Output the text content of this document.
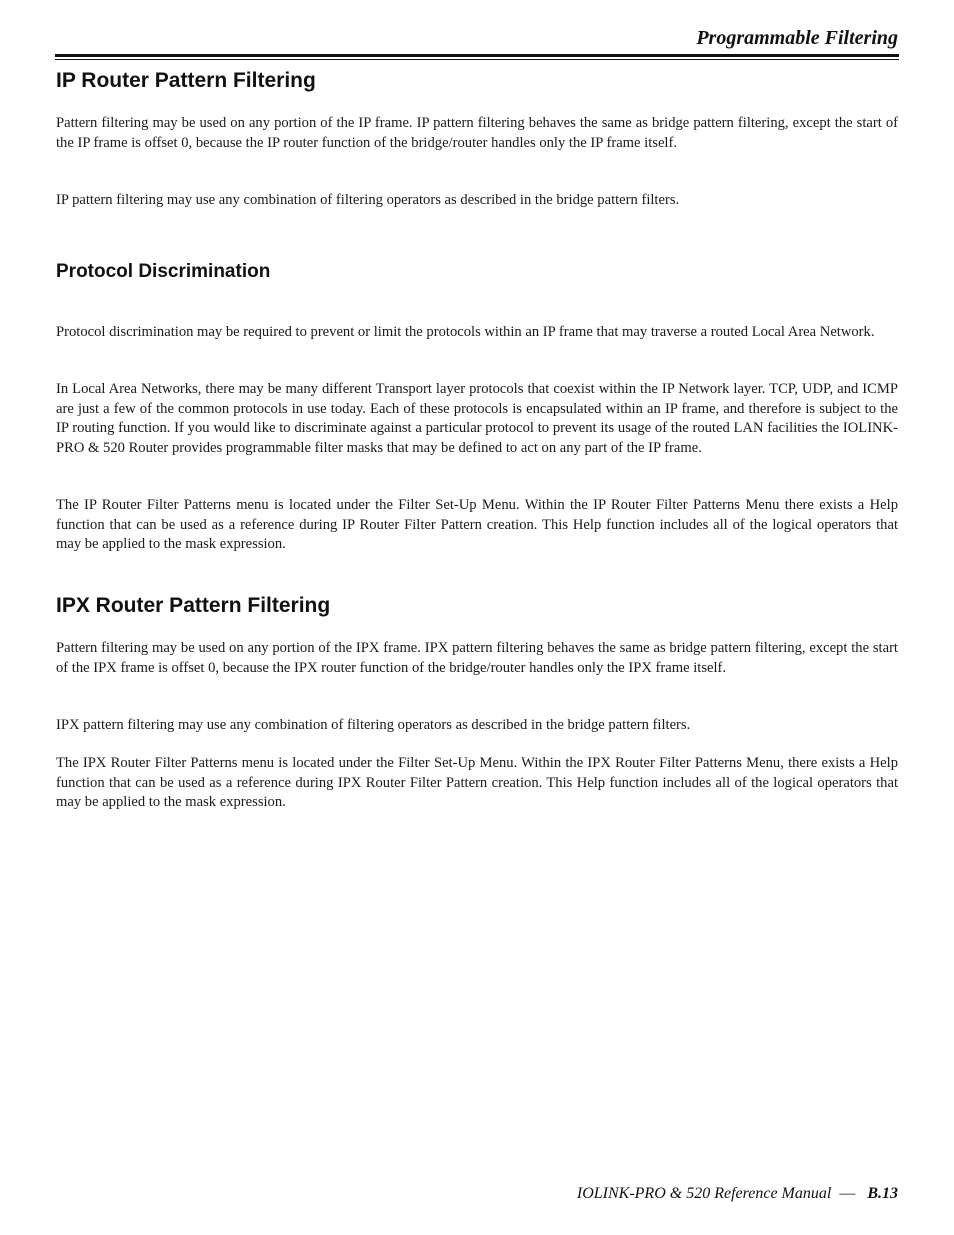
Programmable Filtering
IP Router Pattern Filtering

Pattern filtering may be used on any portion of the IP frame. IP pattern filtering behaves the same as bridge pattern filtering, except the start of the IP frame is offset 0, because the IP router function of the bridge/router handles only the IP frame itself.

IP pattern filtering may use any combination of filtering operators as described in the bridge pattern filters.

Protocol Discrimination

Protocol discrimination may be required to prevent or limit the protocols within an IP frame that may traverse a routed Local Area Network.

In Local Area Networks, there may be many different Transport layer protocols that coexist within the IP Network layer. TCP, UDP, and ICMP are just a few of the common protocols in use today. Each of these protocols is encapsulated within an IP frame, and therefore is subject to the IP routing function. If you would like to discriminate against a particular protocol to prevent its usage of the routed LAN facilities the IOLINK-PRO & 520 Router provides programmable filter masks that may be defined to act on any part of the IP frame.

The IP Router Filter Patterns menu is located under the Filter Set-Up Menu. Within the IP Router Filter Patterns Menu there exists a Help function that can be used as a reference during IP Router Filter Pattern creation. This Help function includes all of the logical operators that may be applied to the mask expression.

IPX Router Pattern Filtering

Pattern filtering may be used on any portion of the IPX frame. IPX pattern filtering behaves the same as bridge pattern filtering, except the start of the IPX frame is offset 0, because the IPX router function of the bridge/router handles only the IPX frame itself.

IPX pattern filtering may use any combination of filtering operators as described in the bridge pattern filters.

The IPX Router Filter Patterns menu is located under the Filter Set-Up Menu. Within the IPX Router Filter Patterns Menu, there exists a Help function that can be used as a reference during IPX Router Filter Pattern creation. This Help function includes all of the logical operators that may be applied to the mask expression.

IOLINK-PRO & 520 Reference Manual — B.13
